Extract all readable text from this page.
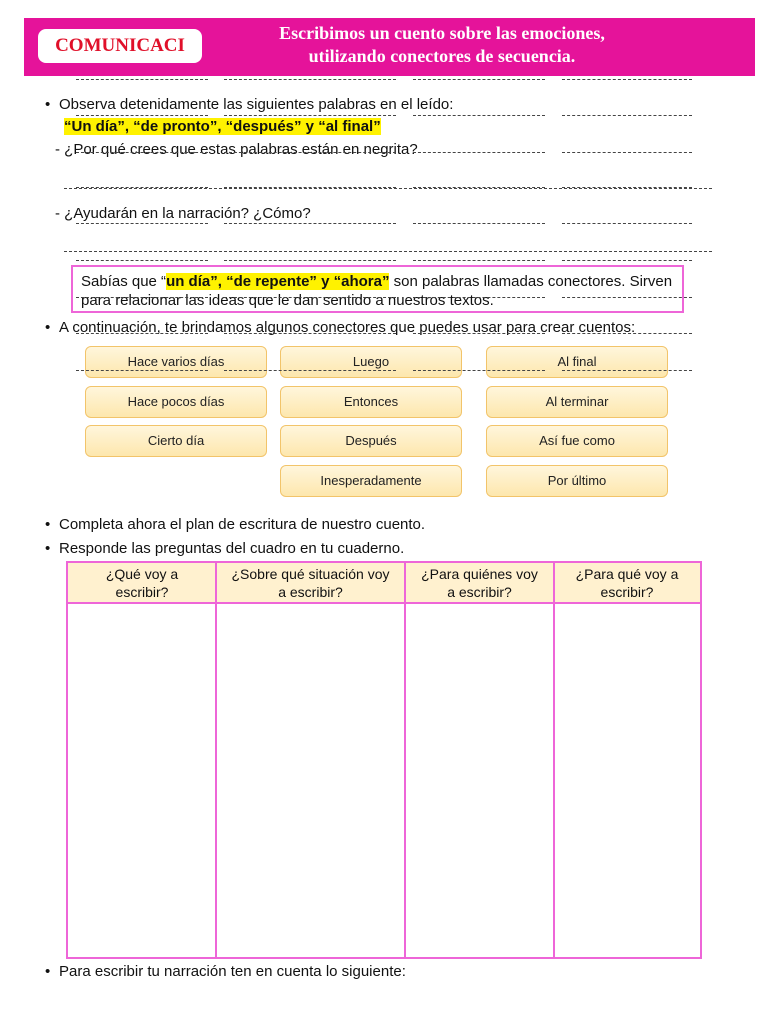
COMUNICACI
Escribimos un cuento sobre las emociones,
utilizando conectores de secuencia.
• Observa detenidamente las siguientes palabras en el leído:
“Un día”, “de pronto”, “después” y “al final”
- ¿Por qué crees que estas palabras están en negrita?
- ¿Ayudarán en la narración? ¿Cómo?
Sabías que “un día”, “de repente” y “ahora” son palabras llamadas conectores. Sirven
para relacionar las ideas que le dan sentido a nuestros textos.
• A continuación, te brindamos algunos conectores que puedes usar para crear cuentos:
Hace varios días
Hace pocos días
Cierto día
Luego
Entonces
Después
Inesperadamente
Al final
Al terminar
Así fue como
Por último
• Completa ahora el plan de escritura de nuestro cuento.
• Responde las preguntas del cuadro en tu cuaderno.
¿Qué voy a
escribir?
¿Sobre qué situación voy
a escribir?
¿Para quiénes voy
a escribir?
¿Para qué voy a
escribir?
• Para escribir tu narración ten en cuenta lo siguiente:
